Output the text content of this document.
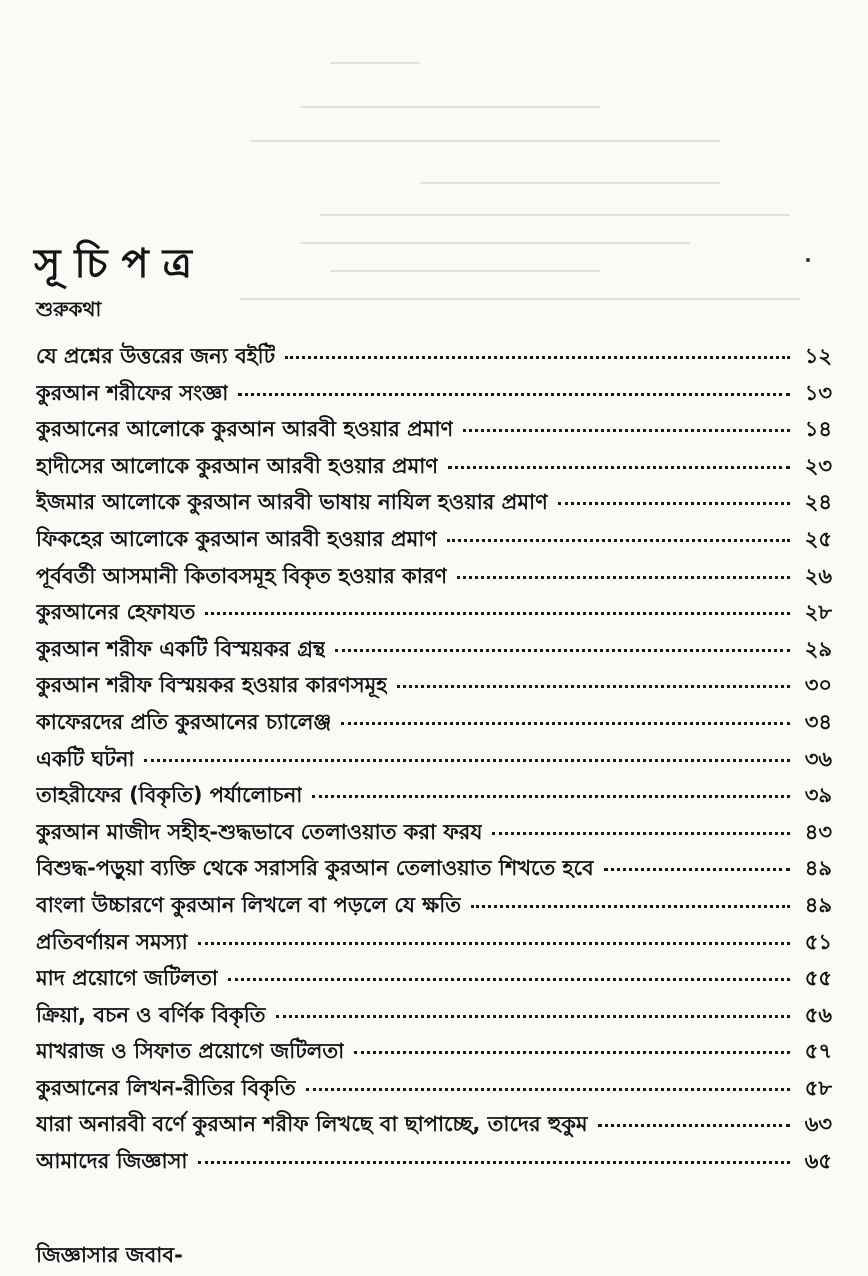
সূচিপত্র
শুরুকথা
যে প্রশ্নের উত্তরের জন্য বইটি	১২
কুরআন শরীফের সংজ্ঞা	১৩
কুরআনের আলোকে কুরআন আরবী হওয়ার প্রমাণ	১৪
হাদীসের আলোকে কুরআন আরবী হওয়ার প্রমাণ	২৩
ইজমার আলোকে কুরআন আরবী ভাষায় নাযিল হওয়ার প্রমাণ	২৪
ফিকহের আলোকে কুরআন আরবী হওয়ার প্রমাণ	২৫
পূর্ববর্তী আসমানী কিতাবসমূহ বিকৃত হওয়ার কারণ	২৬
কুরআনের হেফাযত	২৮
কুরআন শরীফ একটি বিস্ময়কর গ্রন্থ	২৯
কুরআন শরীফ বিস্ময়কর হওয়ার কারণসমূহ	৩০
কাফেরদের প্রতি কুরআনের চ্যালেঞ্জ	৩৪
একটি ঘটনা	৩৬
তাহরীফের (বিকৃতি) পর্যালোচনা	৩৯
কুরআন মাজীদ সহীহ-শুদ্ধভাবে তেলাওয়াত করা ফরয	৪৩
বিশুদ্ধ-পড়ুয়া ব্যক্তি থেকে সরাসরি কুরআন তেলাওয়াত শিখতে হবে	৪৯
বাংলা উচ্চারণে কুরআন লিখলে বা পড়লে যে ক্ষতি	৪৯
প্রতিবর্ণায়ন সমস্যা	৫১
মাদ প্রয়োগে জটিলতা	৫৫
ক্রিয়া, বচন ও বর্ণিক বিকৃতি	৫৬
মাখরাজ ও সিফাত প্রয়োগে জটিলতা	৫৭
কুরআনের লিখন-রীতির বিকৃতি	৫৮
যারা অনারবী বর্ণে কুরআন শরীফ লিখছে বা ছাপাচ্ছে, তাদের হুকুম	৬৩
আমাদের জিজ্ঞাসা	৬৫
জিজ্ঞাসার জবাব-
